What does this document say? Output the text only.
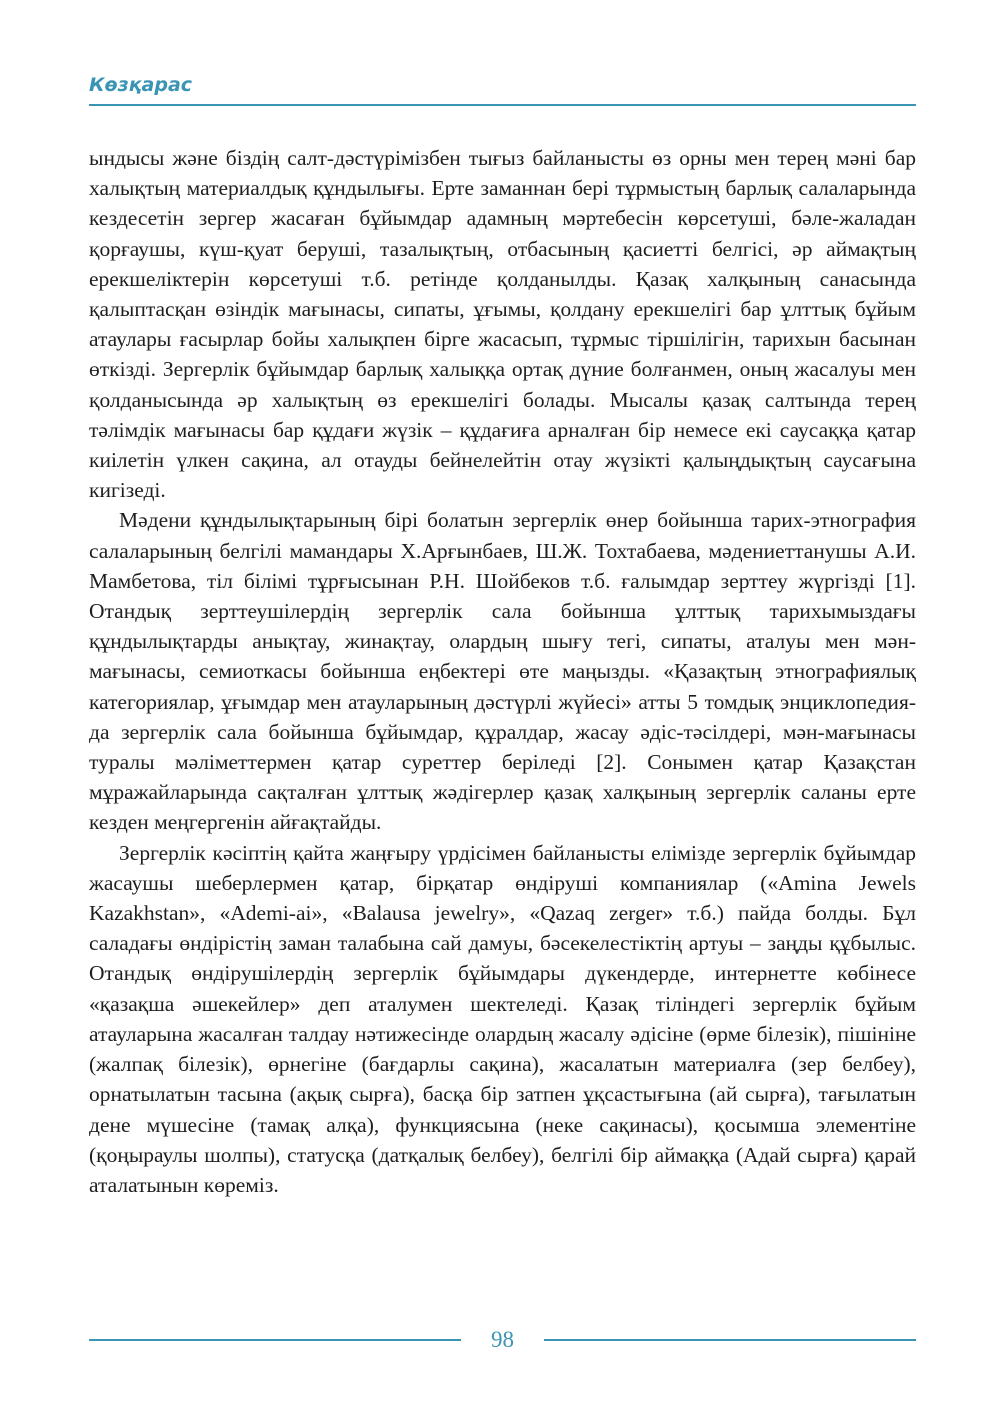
Көзқарас

ындысы және біздің салт-дәстүрімізбен тығыз байланысты өз орны мен терең мәні бар халықтың материалдық құндылығы. Ерте заманнан бері тұрмыстың барлық салаларында кездесетін зергер жасаған бұйымдар адамның мәртебесін көрсетуші, бәле-жаладан қорғаушы, күш-қуат беруші, тазалықтың, отбасының қасиетті белгісі, әр аймақтың ерекшеліктерін көрсетуші т.б. ретінде қолданылды. Қазақ халқының санасында қалыптасқан өзіндік мағынасы, сипаты, ұғымы, қолдану ерекшелігі бар ұлттық бұйым атаулары ғасырлар бойы халықпен бірге жасасып, тұрмыс тіршілігін, тарихын басынан өткізді. Зергерлік бұйымдар барлық халыққа ортақ дүние болғанмен, оның жасалуы мен қолданысында әр халықтың өз ерекшелігі болады. Мысалы қазақ салтында терең тәлімдік мағынасы бар құдағи жүзік – құдағиға арналған бір немесе екі саусаққа қатар киілетін үлкен сақина, ал отауды бейнелейтін отау жүзікті қалыңдықтың саусағына кигізеді.

Мәдени құндылықтарының бірі болатын зергерлік өнер бойынша тарих-этнография салаларының белгілі мамандары Х.Арғынбаев, Ш.Ж. Тохтабаева, мәдениеттанушы А.И. Мамбетова, тіл білімі тұрғысынан Р.Н. Шойбеков т.б. ғалымдар зерттеу жүргізді [1]. Отандық зерттеушілердің зергерлік сала бойынша ұлттық тарихымыздағы құндылықтарды анықтау, жинақтау, олардың шығу тегі, сипаты, аталуы мен мән-мағынасы, семиоткасы бойынша еңбектері өте маңызды. «Қазақтың этнографиялық категориялар, ұғымдар мен атауларының дәстүрлі жүйесі» атты 5 томдық энциклопедияда зергерлік сала бойынша бұйымдар, құралдар, жасау әдіс-тәсілдері, мән-мағынасы туралы мәліметтермен қатар суреттер беріледі [2]. Сонымен қатар Қазақстан мұражайларында сақталған ұлттық жәдігерлер қазақ халқының зергерлік саланы ерте кезден меңгергенін айғақтайды.

Зергерлік кәсіптің қайта жаңғыру үрдісімен байланысты елімізде зергерлік бұйымдар жасаушы шеберлермен қатар, бірқатар өндіруші компаниялар («Amina Jewels Kazakhstan», «Ademi-ai», «Balausa jewelry», «Qazaq zerger» т.б.) пайда болды. Бұл саладағы өндірістің заман талабына сай дамуы, бәсекелестіктің артуы – заңды құбылыс. Отандық өндірушілердің зергерлік бұйымдары дүкендерде, интернетте көбінесе «қазақша әшекейлер» деп аталумен шектеледі. Қазақ тіліндегі зергерлік бұйым атауларына жасалған талдау нәтижесінде олардың жасалу әдісіне (өрме білезік), пішініне (жалпақ білезік), өрнегіне (бағдарлы сақина), жасалатын материалға (зер белбеу), орнатылатын тасына (ақық сырға), басқа бір затпен ұқсастығына (ай сырға), тағылатын дене мүшесіне (тамақ алқа), функциясына (неке сақинасы), қосымша элементіне (қоңыраулы шолпы), статусқа (датқалық белбеу), белгілі бір аймаққа (Адай сырға) қарай аталатынын көреміз.

98
